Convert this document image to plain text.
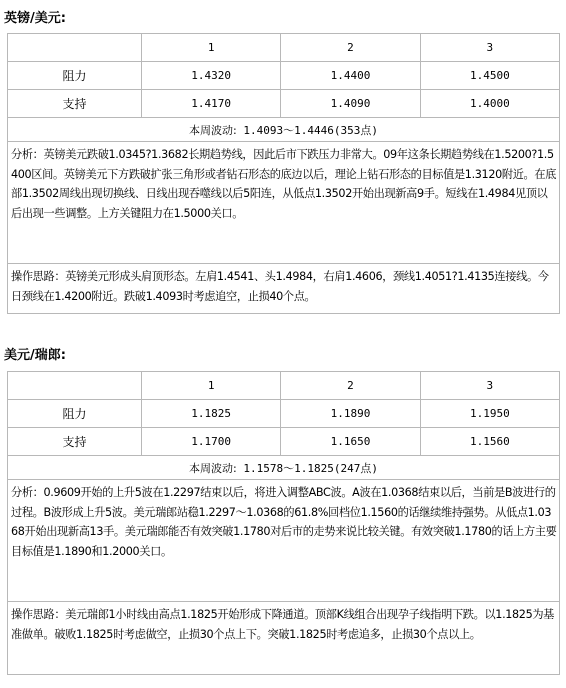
英镑/美元:
	1	2	3
阻力	1.4320	1.4400	1.4500
支持	1.4170	1.4090	1.4000
本周波动: 1.4093～1.4446(353点)			
分析：英镑美元跌破1.0345?1.3682长期趋势线，因此后市下跌压力非常大。09年这条长期趋势线在1.5200?1.5400区间。英镑美元下方跌破扩张三角形或者钻石形态的底边以后，理论上钻石形态的目标值是1.3120附近。在底部1.3502周线出现切换线、日线出现吞噬线以后5阳连，从低点1.3502开始出现新高9手。短线在1.4984见顶以后出现一些调整。上方关键阻力在1.5000关口。			
操作思路：英镑美元形成头肩顶形态。左肩1.4541、头1.4984，右肩1.4606，颈线1.4051?1.4135连接线。今日颈线在1.4200附近。跌破1.4093时考虑追空，止损40个点。			
美元/瑞郎:
	1	2	3
阻力	1.1825	1.1890	1.1950
支持	1.1700	1.1650	1.1560
本周波动: 1.1578～1.1825(247点)			
分析：0.9609开始的上升5波在1.2297结束以后，将进入调整ABC波。A波在1.0368结束以后，当前是B波进行的过程。B波形成上升5波。美元瑞郎站稳1.2297～1.0368的61.8%回档位1.1560的话继续维持强势。从低点1.0368开始出现新高13手。美元瑞郎能否有效突破1.1780对后市的走势来说比较关键。有效突破1.1780的话上方主要目标值是1.1890和1.2000关口。			
操作思路：美元瑞郎1小时线由高点1.1825开始形成下降通道。顶部K线组合出现孕子线指明下跌。以1.1825为基准做单。破败1.1825时考虑做空，止损30个点上下。突破1.1825时考虑追多，止损30个点以上。			
